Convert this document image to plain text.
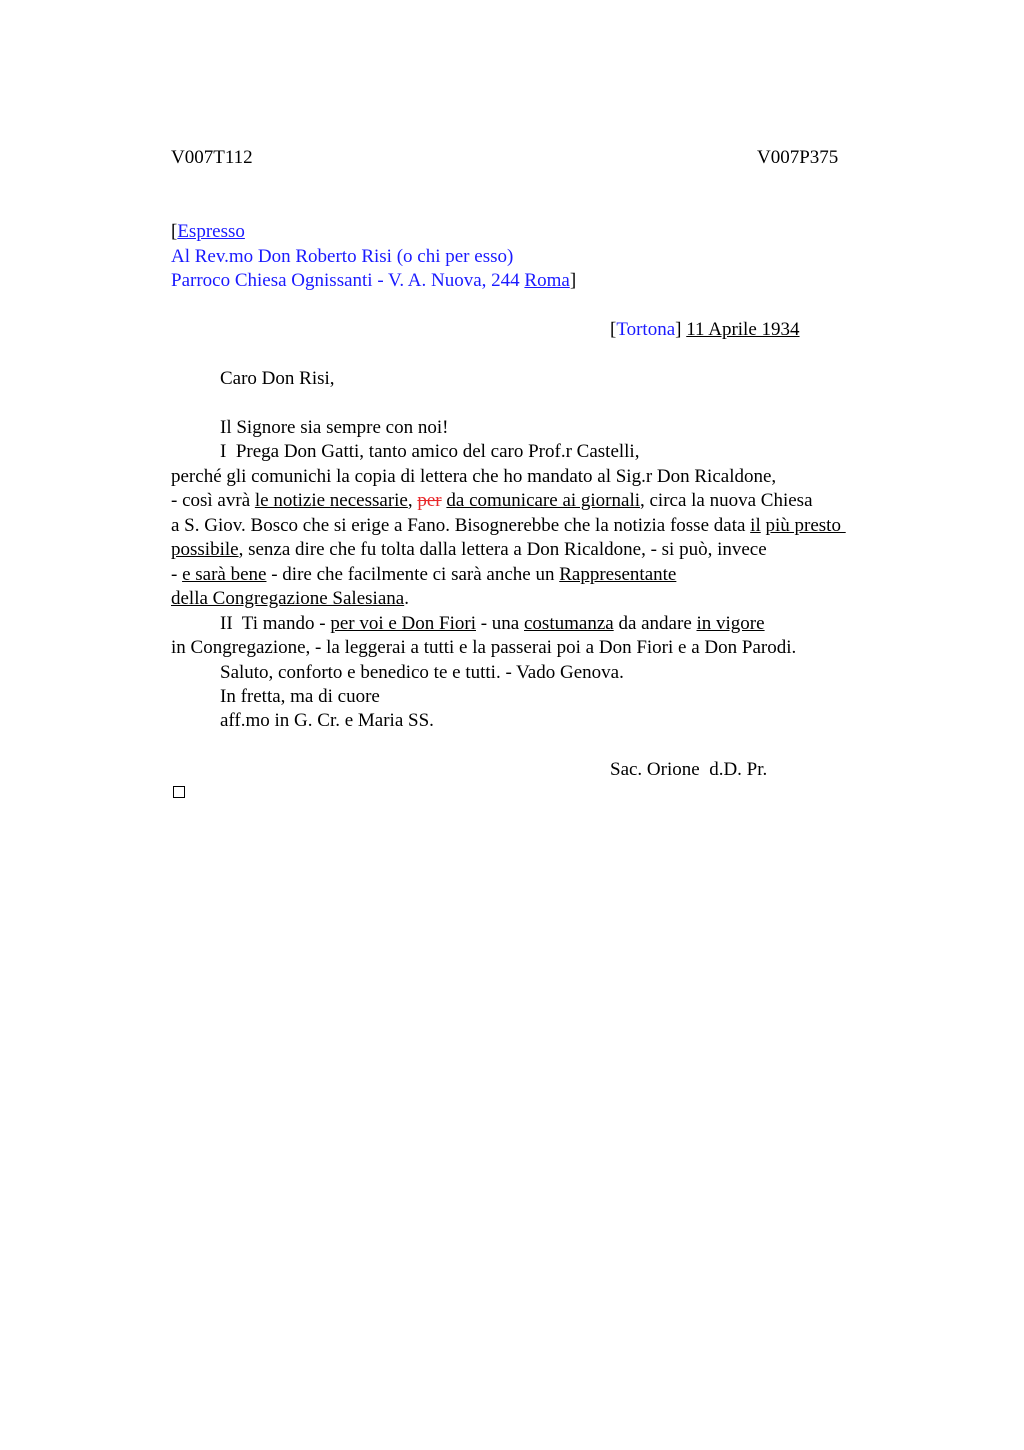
V007T112	V007P375
[Espresso
Al Rev.mo Don Roberto Risi (o chi per esso)
Parroco Chiesa Ognissanti - V. A. Nuova, 244 Roma]
[Tortona] 11 Aprile 1934
Caro Don Risi,
Il Signore sia sempre con noi!
I  Prega Don Gatti, tanto amico del caro Prof.r Castelli,
perché gli comunichi la copia di lettera che ho mandato al Sig.r Don Ricaldone,
- così avrà le notizie necessarie, per da comunicare ai giornali, circa la nuova Chiesa
a S. Giov. Bosco che si erige a Fano. Bisognerebbe che la notizia fosse data il più presto
possibile, senza dire che fu tolta dalla lettera a Don Ricaldone, - si può, invece
- e sarà bene - dire che facilmente ci sarà anche un Rappresentante
della Congregazione Salesiana.
II  Ti mando - per voi e Don Fiori - una costumanza da andare in vigore
in Congregazione, - la leggerai a tutti e la passerai poi a Don Fiori e a Don Parodi.
Saluto, conforto e benedico te e tutti. - Vado Genova.
In fretta, ma di cuore
aff.mo in G. Cr. e Maria SS.
Sac. Orione  d.D. Pr.
